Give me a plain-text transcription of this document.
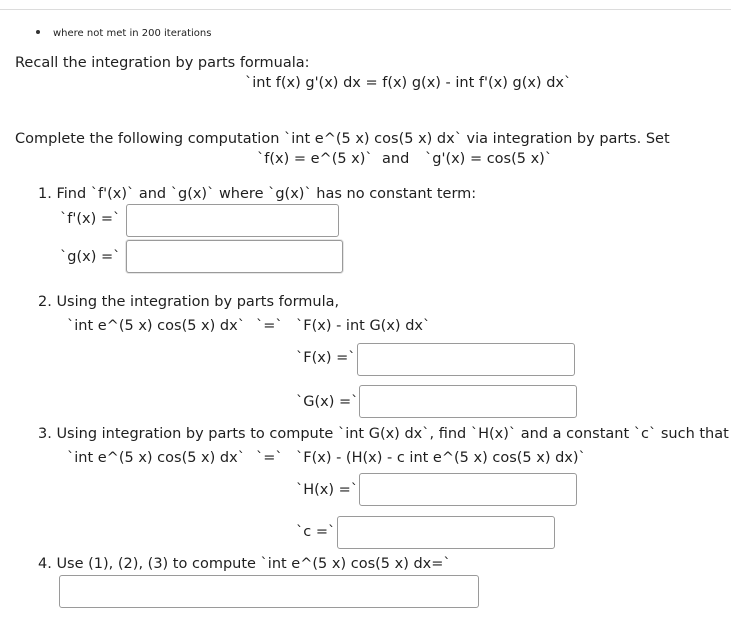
where not met in 200 iterations
Recall the integration by parts formuala:
`int f(x) g'(x) dx = f(x) g(x) - int f'(x) g(x) dx`
Complete the following computation `int e^(5 x) cos(5 x) dx` via integration by parts. Set
`f(x) = e^(5 x)` and `g'(x) = cos(5 x)`
1. Find `f'(x)` and `g(x)` where `g(x)` has no constant term:
`f'(x) =`
`g(x) =`
2. Using the integration by parts formula,
`int e^(5 x) cos(5 x) dx` `=` `F(x) - int G(x) dx`
`F(x) =`
`G(x) =`
3. Using integration by parts to compute `int G(x) dx`, find `H(x)` and a constant `c` such that
`int e^(5 x) cos(5 x) dx` `=` `F(x) - (H(x) - c int e^(5 x) cos(5 x) dx)`
`H(x) =`
`c =`
4. Use (1), (2), (3) to compute `int e^(5 x) cos(5 x) dx=`
